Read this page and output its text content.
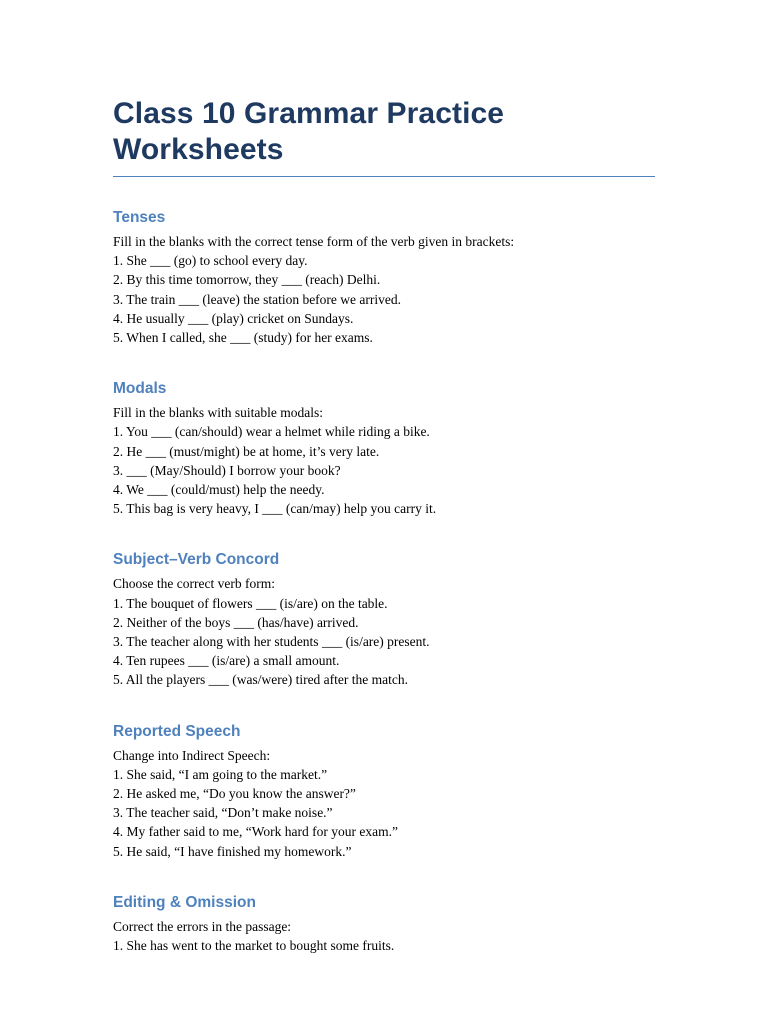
Class 10 Grammar Practice Worksheets
Tenses

Fill in the blanks with the correct tense form of the verb given in brackets:

1. She ___ (go) to school every day.

2. By this time tomorrow, they ___ (reach) Delhi.

3. The train ___ (leave) the station before we arrived.

4. He usually ___ (play) cricket on Sundays.

5. When I called, she ___ (study) for her exams.

Modals

Fill in the blanks with suitable modals:

1. You ___ (can/should) wear a helmet while riding a bike.

2. He ___ (must/might) be at home, it’s very late.

3. ___ (May/Should) I borrow your book?

4. We ___ (could/must) help the needy.

5. This bag is very heavy, I ___ (can/may) help you carry it.

Subject–Verb Concord

Choose the correct verb form:

1. The bouquet of flowers ___ (is/are) on the table.

2. Neither of the boys ___ (has/have) arrived.

3. The teacher along with her students ___ (is/are) present.

4. Ten rupees ___ (is/are) a small amount.

5. All the players ___ (was/were) tired after the match.

Reported Speech

Change into Indirect Speech:

1. She said, “I am going to the market.”

2. He asked me, “Do you know the answer?”

3. The teacher said, “Don’t make noise.”

4. My father said to me, “Work hard for your exam.”

5. He said, “I have finished my homework.”

Editing & Omission

Correct the errors in the passage:

1. She has went to the market to bought some fruits.
